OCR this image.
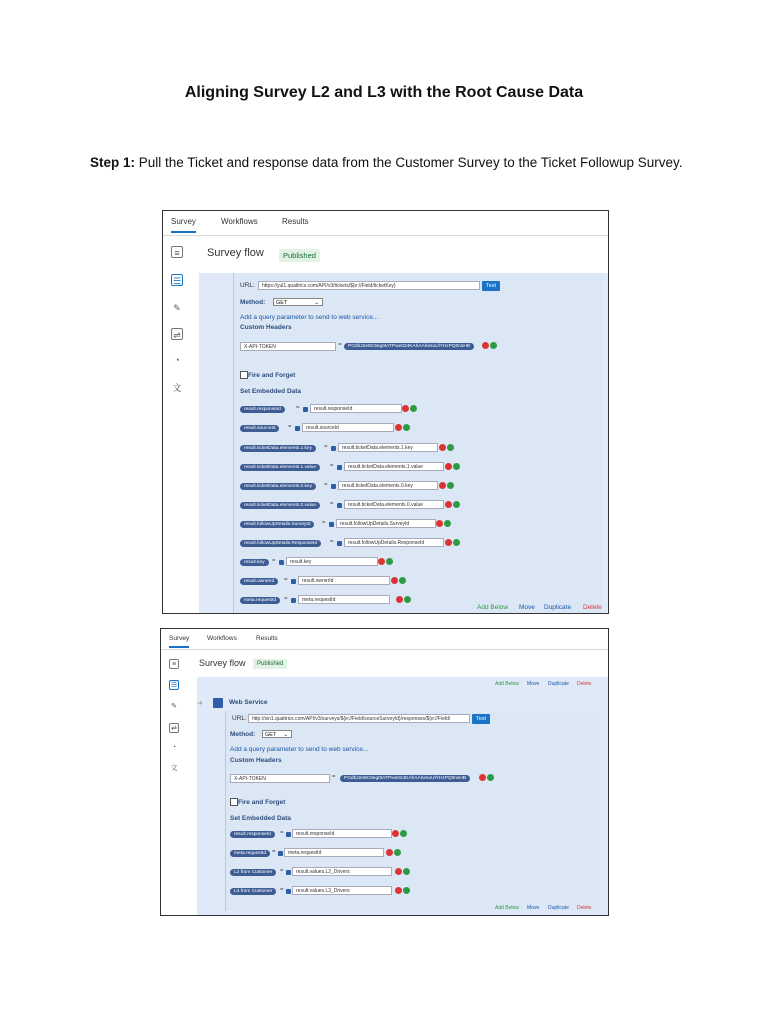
Aligning Survey L2 and L3 with the Root Cause Data
Step 1: Pull the Ticket and response data from the Customer Survey to the Ticket Followup Survey.
Survey	Workflows	Results
≡
☰
✎
⇌
◔
文
Survey flow	Published
URL:	https://yul1.qualtrics.com/API/v3/tickets/${e://Field/ticketKey}	Test
Method:	GET	⌄
Add a query parameter to send to web service...
Custom Headers
X-API-TOKEN	=	PGdbJ2e8C9eg0tATPwe024KAhAAhesuUlYHzPQ0nsHB
Fire and Forget
Set Embedded Data
result.responseId	=	result.responseId
result.sourceId	=	result.sourceId
result.ticketData.elements.1.key	=	result.ticketData.elements.1.key
result.ticketData.elements.1.value	=	result.ticketData.elements.1.value
result.ticketData.elements.0.key	=	result.ticketData.elements.0.key
result.ticketData.elements.0.value	=	result.ticketData.elements.0.value
result.followUpDetails.SurveyId	=	result.followUpDetails.SurveyId
result.followUpDetails.ResponseId	=	result.followUpDetails.ResponseId
result.key	=	result.key
result.ownerId	=	result.ownerId
meta.requestId	=	meta.requestId
Add Below Move Duplicate Delete
Survey	Workflows	Results
≡
☰
✎
⇌
◔
文
Survey flow	Published
Add Below Move Duplicate Delete
➜	Web Service
URL:	http://sin1.qualtrics.com/API/v3/surveys/${e://Field/sourceSurveyId}/responses/${e://Field/	Test
Method:	GET ⌄
Add a query parameter to send to web service...
Custom Headers
X-API-TOKEN	=	PGdbJ2e8C9eg0tATPwe024KAhAAhesuUlYHzPQ0nsHB
Fire and Forget
Set Embedded Data
result.responseId	=	result.responseId
meta.requestId	=	meta.requestId
L2 from Customer	=	result.values.L2_Drivers
L3 from Customer	=	result.values.L3_Drivers
Add Below Move Duplicate Delete
